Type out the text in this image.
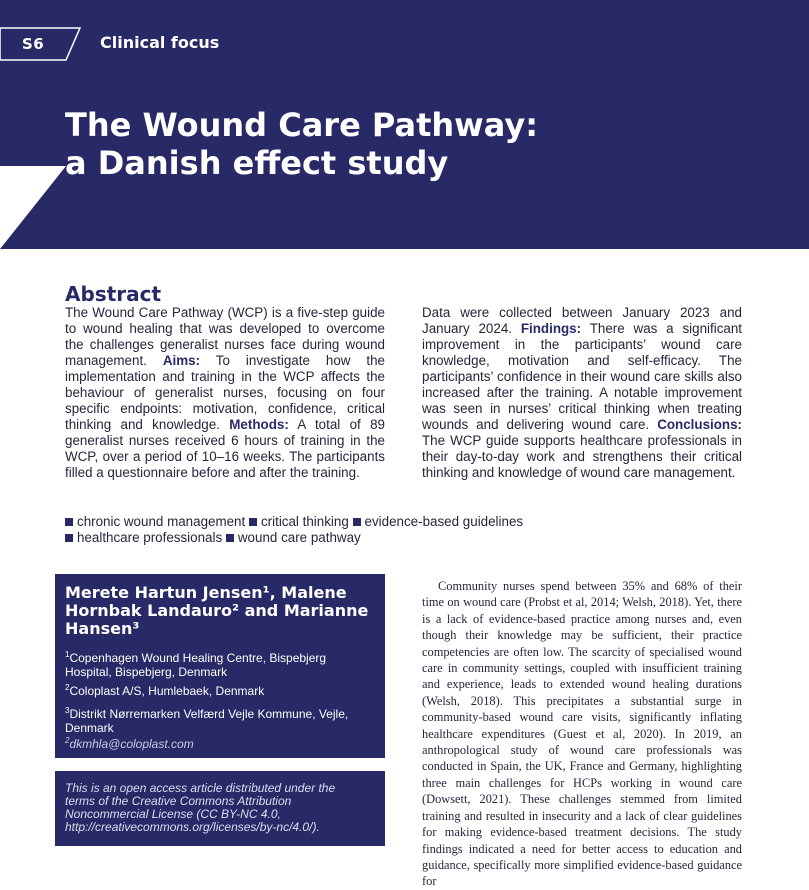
S6	Clinical focus
The Wound Care Pathway:
a Danish effect study
Abstract
The Wound Care Pathway (WCP) is a five-step guide to wound healing that was developed to overcome the challenges generalist nurses face during wound management. Aims: To investigate how the implementation and training in the WCP affects the behaviour of generalist nurses, focusing on four specific endpoints: motivation, confidence, critical thinking and knowledge. Methods: A total of 89 generalist nurses received 6 hours of training in the WCP, over a period of 10–16 weeks. The participants filled a questionnaire before and after the training.
Data were collected between January 2023 and January 2024. Findings: There was a significant improvement in the participants’ wound care knowledge, motivation and self-efficacy. The participants’ confidence in their wound care skills also increased after the training. A notable improvement was seen in nurses’ critical thinking when treating wounds and delivering wound care. Conclusions: The WCP guide supports healthcare professionals in their day-to-day work and strengthens their critical thinking and knowledge of wound care management.
chronic wound management critical thinking evidence-based guidelines
healthcare professionals wound care pathway
Merete Hartun Jensen¹, Malene Hornbak Landauro² and Marianne Hansen³
$^1$Copenhagen Wound Healing Centre, Bispebjerg Hospital, Bispebjerg, Denmark
$^2$Coloplast A/S, Humlebaek, Denmark
$^3$Distrikt Nørremarken Velfærd Vejle Kommune, Vejle, Denmark
$^2$dkmhla@coloplast.com
This is an open access article distributed under the terms of the Creative Commons Attribution Noncommercial License (CC BY-NC 4.0, http://creativecommons.org/licenses/by-nc/4.0/).

Community nurses spend between 35% and 68% of their time on wound care (Probst et al, 2014; Welsh, 2018). Yet, there is a lack of evidence-based practice among nurses and, even though their knowledge may be sufficient, their practice competencies are often low. The scarcity of specialised wound care in community settings, coupled with insufficient training and experience, leads to extended wound healing durations (Welsh, 2018). This precipitates a substantial surge in community-based wound care visits, significantly inflating healthcare expenditures (Guest et al, 2020). In 2019, an anthropological study of wound care professionals was conducted in Spain, the UK, France and Germany, highlighting three main challenges for HCPs working in wound care (Dowsett, 2021). These challenges stemmed from limited training and resulted in insecurity and a lack of clear guidelines for making evidence-based treatment decisions. The study findings indicated a need for better access to education and guidance, specifically more simplified evidence-based guidance for
